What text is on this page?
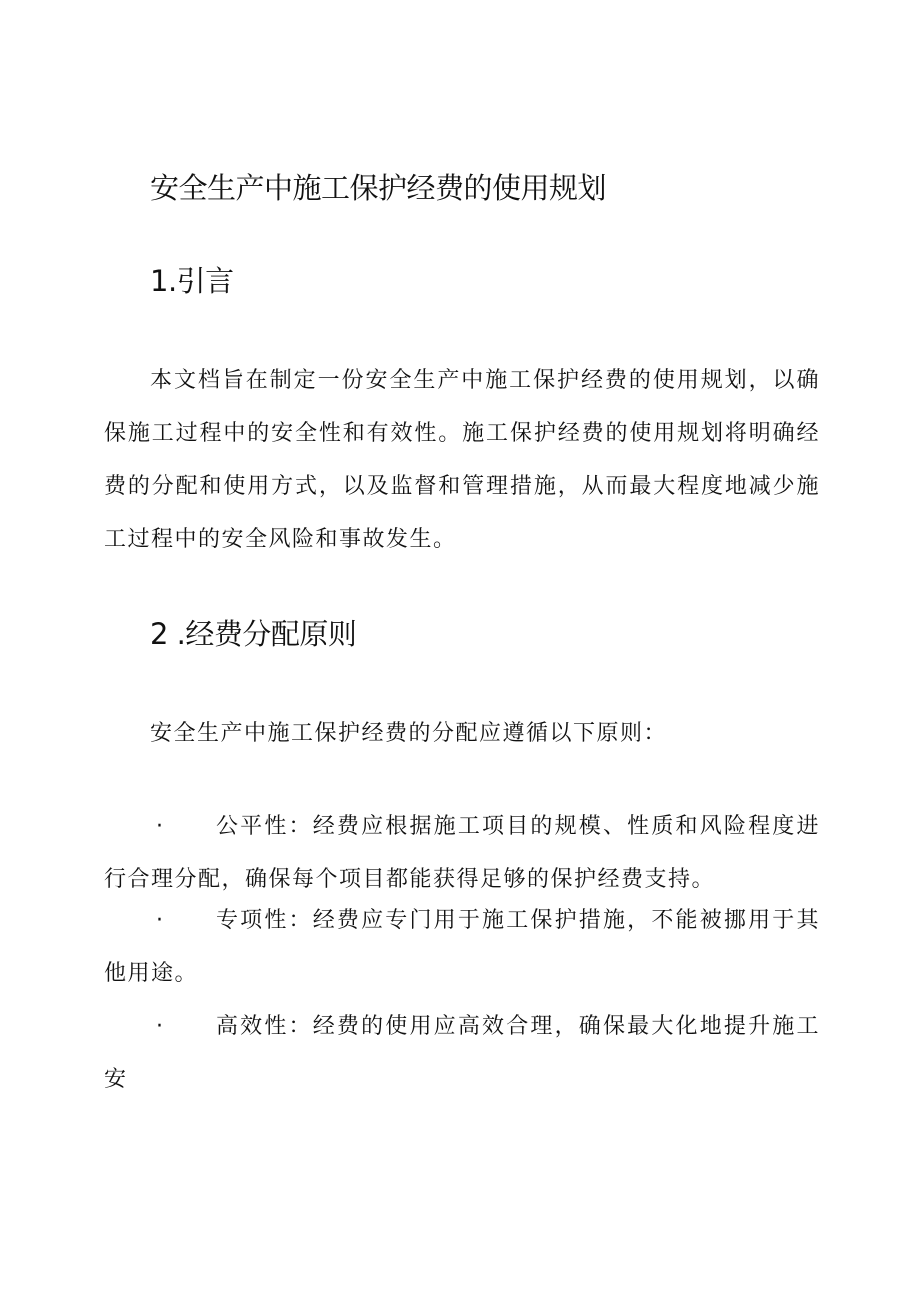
安全生产中施工保护经费的使用规划
1.引言

本文档旨在制定一份安全生产中施工保护经费的使用规划，以确保施工过程中的安全性和有效性。施工保护经费的使用规划将明确经费的分配和使用方式，以及监督和管理措施，从而最大程度地减少施工过程中的安全风险和事故发生。

2 .经费分配原则

安全生产中施工保护经费的分配应遵循以下原则：

·	公平性：经费应根据施工项目的规模、性质和风险程度进行合理分配，确保每个项目都能获得足够的保护经费支持。
·	专项性：经费应专门用于施工保护措施，不能被挪用于其他用途。
·	高效性：经费的使用应高效合理，确保最大化地提升施工安
